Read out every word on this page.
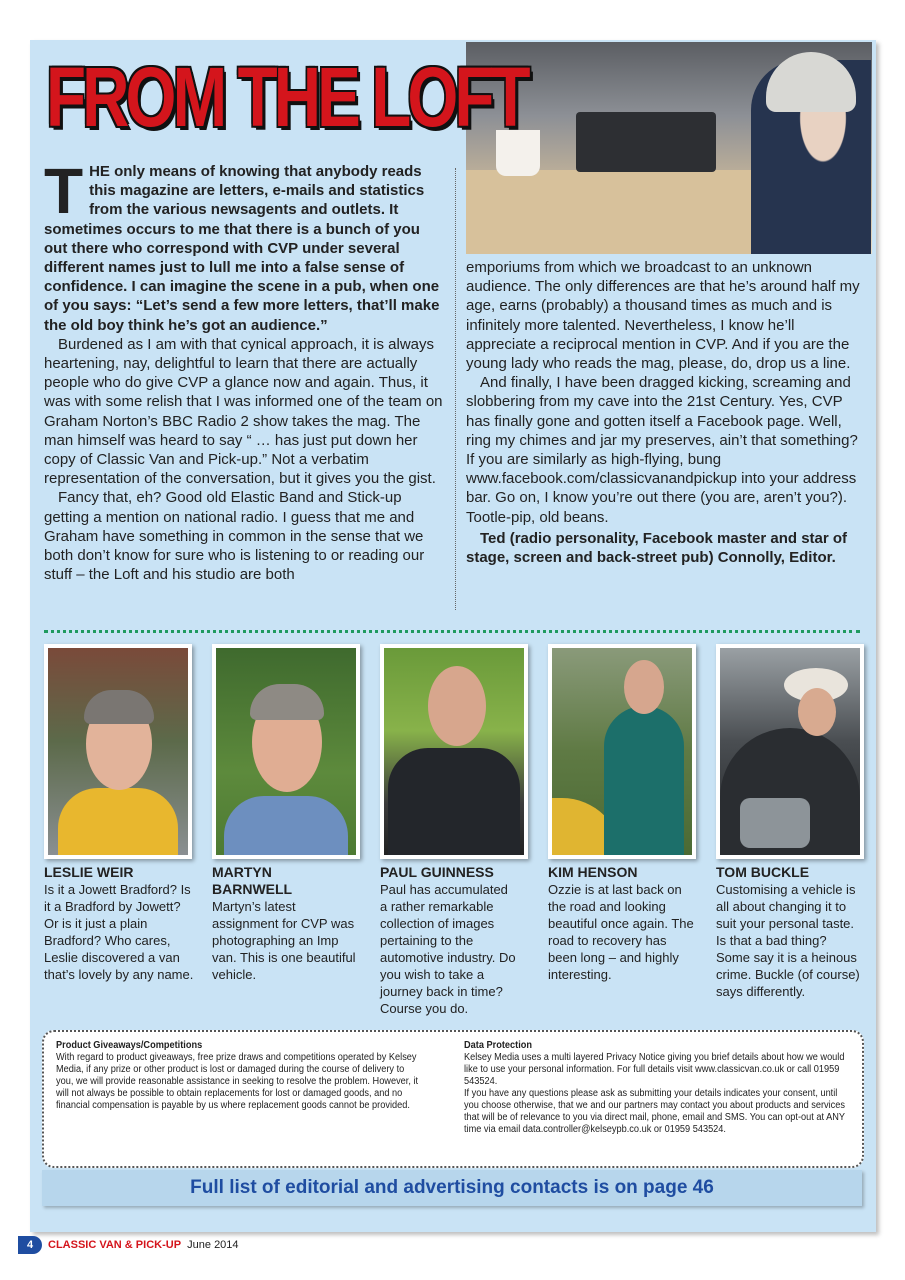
FROM THE LOFT

THE only means of knowing that anybody reads this magazine are letters, e-mails and statistics from the various newsagents and outlets. It sometimes occurs to me that there is a bunch of you out there who correspond with CVP under several different names just to lull me into a false sense of confidence. I can imagine the scene in a pub, when one of you says: “Let’s send a few more letters, that’ll make the old boy think he’s got an audience.”

Burdened as I am with that cynical approach, it is always heartening, nay, delightful to learn that there are actually people who do give CVP a glance now and again. Thus, it was with some relish that I was informed one of the team on Graham Norton’s BBC Radio 2 show takes the mag. The man himself was heard to say “ … has just put down her copy of Classic Van and Pick-up.” Not a verbatim representation of the conversation, but it gives you the gist.

Fancy that, eh? Good old Elastic Band and Stick-up getting a mention on national radio. I guess that me and Graham have something in common in the sense that we both don’t know for sure who is listening to or reading our stuff – the Loft and his studio are both

emporiums from which we broadcast to an unknown audience. The only differences are that he’s around half my age, earns (probably) a thousand times as much and is infinitely more talented. Nevertheless, I know he’ll appreciate a reciprocal mention in CVP. And if you are the young lady who reads the mag, please, do, drop us a line.

And finally, I have been dragged kicking, screaming and slobbering from my cave into the 21st Century. Yes, CVP has finally gone and gotten itself a Facebook page. Well, ring my chimes and jar my preserves, ain’t that something? If you are similarly as high-flying, bung www.facebook.com/classicvanandpickup into your address bar. Go on, I know you’re out there (you are, aren’t you?).

Tootle-pip, old beans.

Ted (radio personality, Facebook master and star of stage, screen and back-street pub) Connolly, Editor.

LESLIE WEIR

Is it a Jowett Bradford? Is it a Bradford by Jowett? Or is it just a plain Bradford? Who cares, Leslie discovered a van that’s lovely by any name.

MARTYN BARNWELL

Martyn’s latest assignment for CVP was photographing an Imp van. This is one beautiful vehicle.

PAUL GUINNESS

Paul has accumulated a rather remarkable collection of images pertaining to the automotive industry. Do you wish to take a journey back in time? Course you do.

KIM HENSON

Ozzie is at last back on the road and looking beautiful once again. The road to recovery has been long – and highly interesting.

TOM BUCKLE

Customising a vehicle is all about changing it to suit your personal taste. Is that a bad thing? Some say it is a heinous crime. Buckle (of course) says differently.

Product Giveaways/Competitions

With regard to product giveaways, free prize draws and competitions operated by Kelsey Media, if any prize or other product is lost or damaged during the course of delivery to you, we will provide reasonable assistance in seeking to resolve the problem. However, it will not always be possible to obtain replacements for lost or damaged goods, and no financial compensation is payable by us where replacement goods cannot be provided.

Data Protection

Kelsey Media uses a multi layered Privacy Notice giving you brief details about how we would like to use your personal information. For full details visit www.classicvan.co.uk or call 01959 543524.

If you have any questions please ask as submitting your details indicates your consent, until you choose otherwise, that we and our partners may contact you about products and services that will be of relevance to you via direct mail, phone, email and SMS. You can opt-out at ANY time via email data.controller@kelseypb.co.uk or 01959 543524.

Full list of editorial and advertising contacts is on page 46
4 CLASSIC VAN & PICK-UP June 2014
